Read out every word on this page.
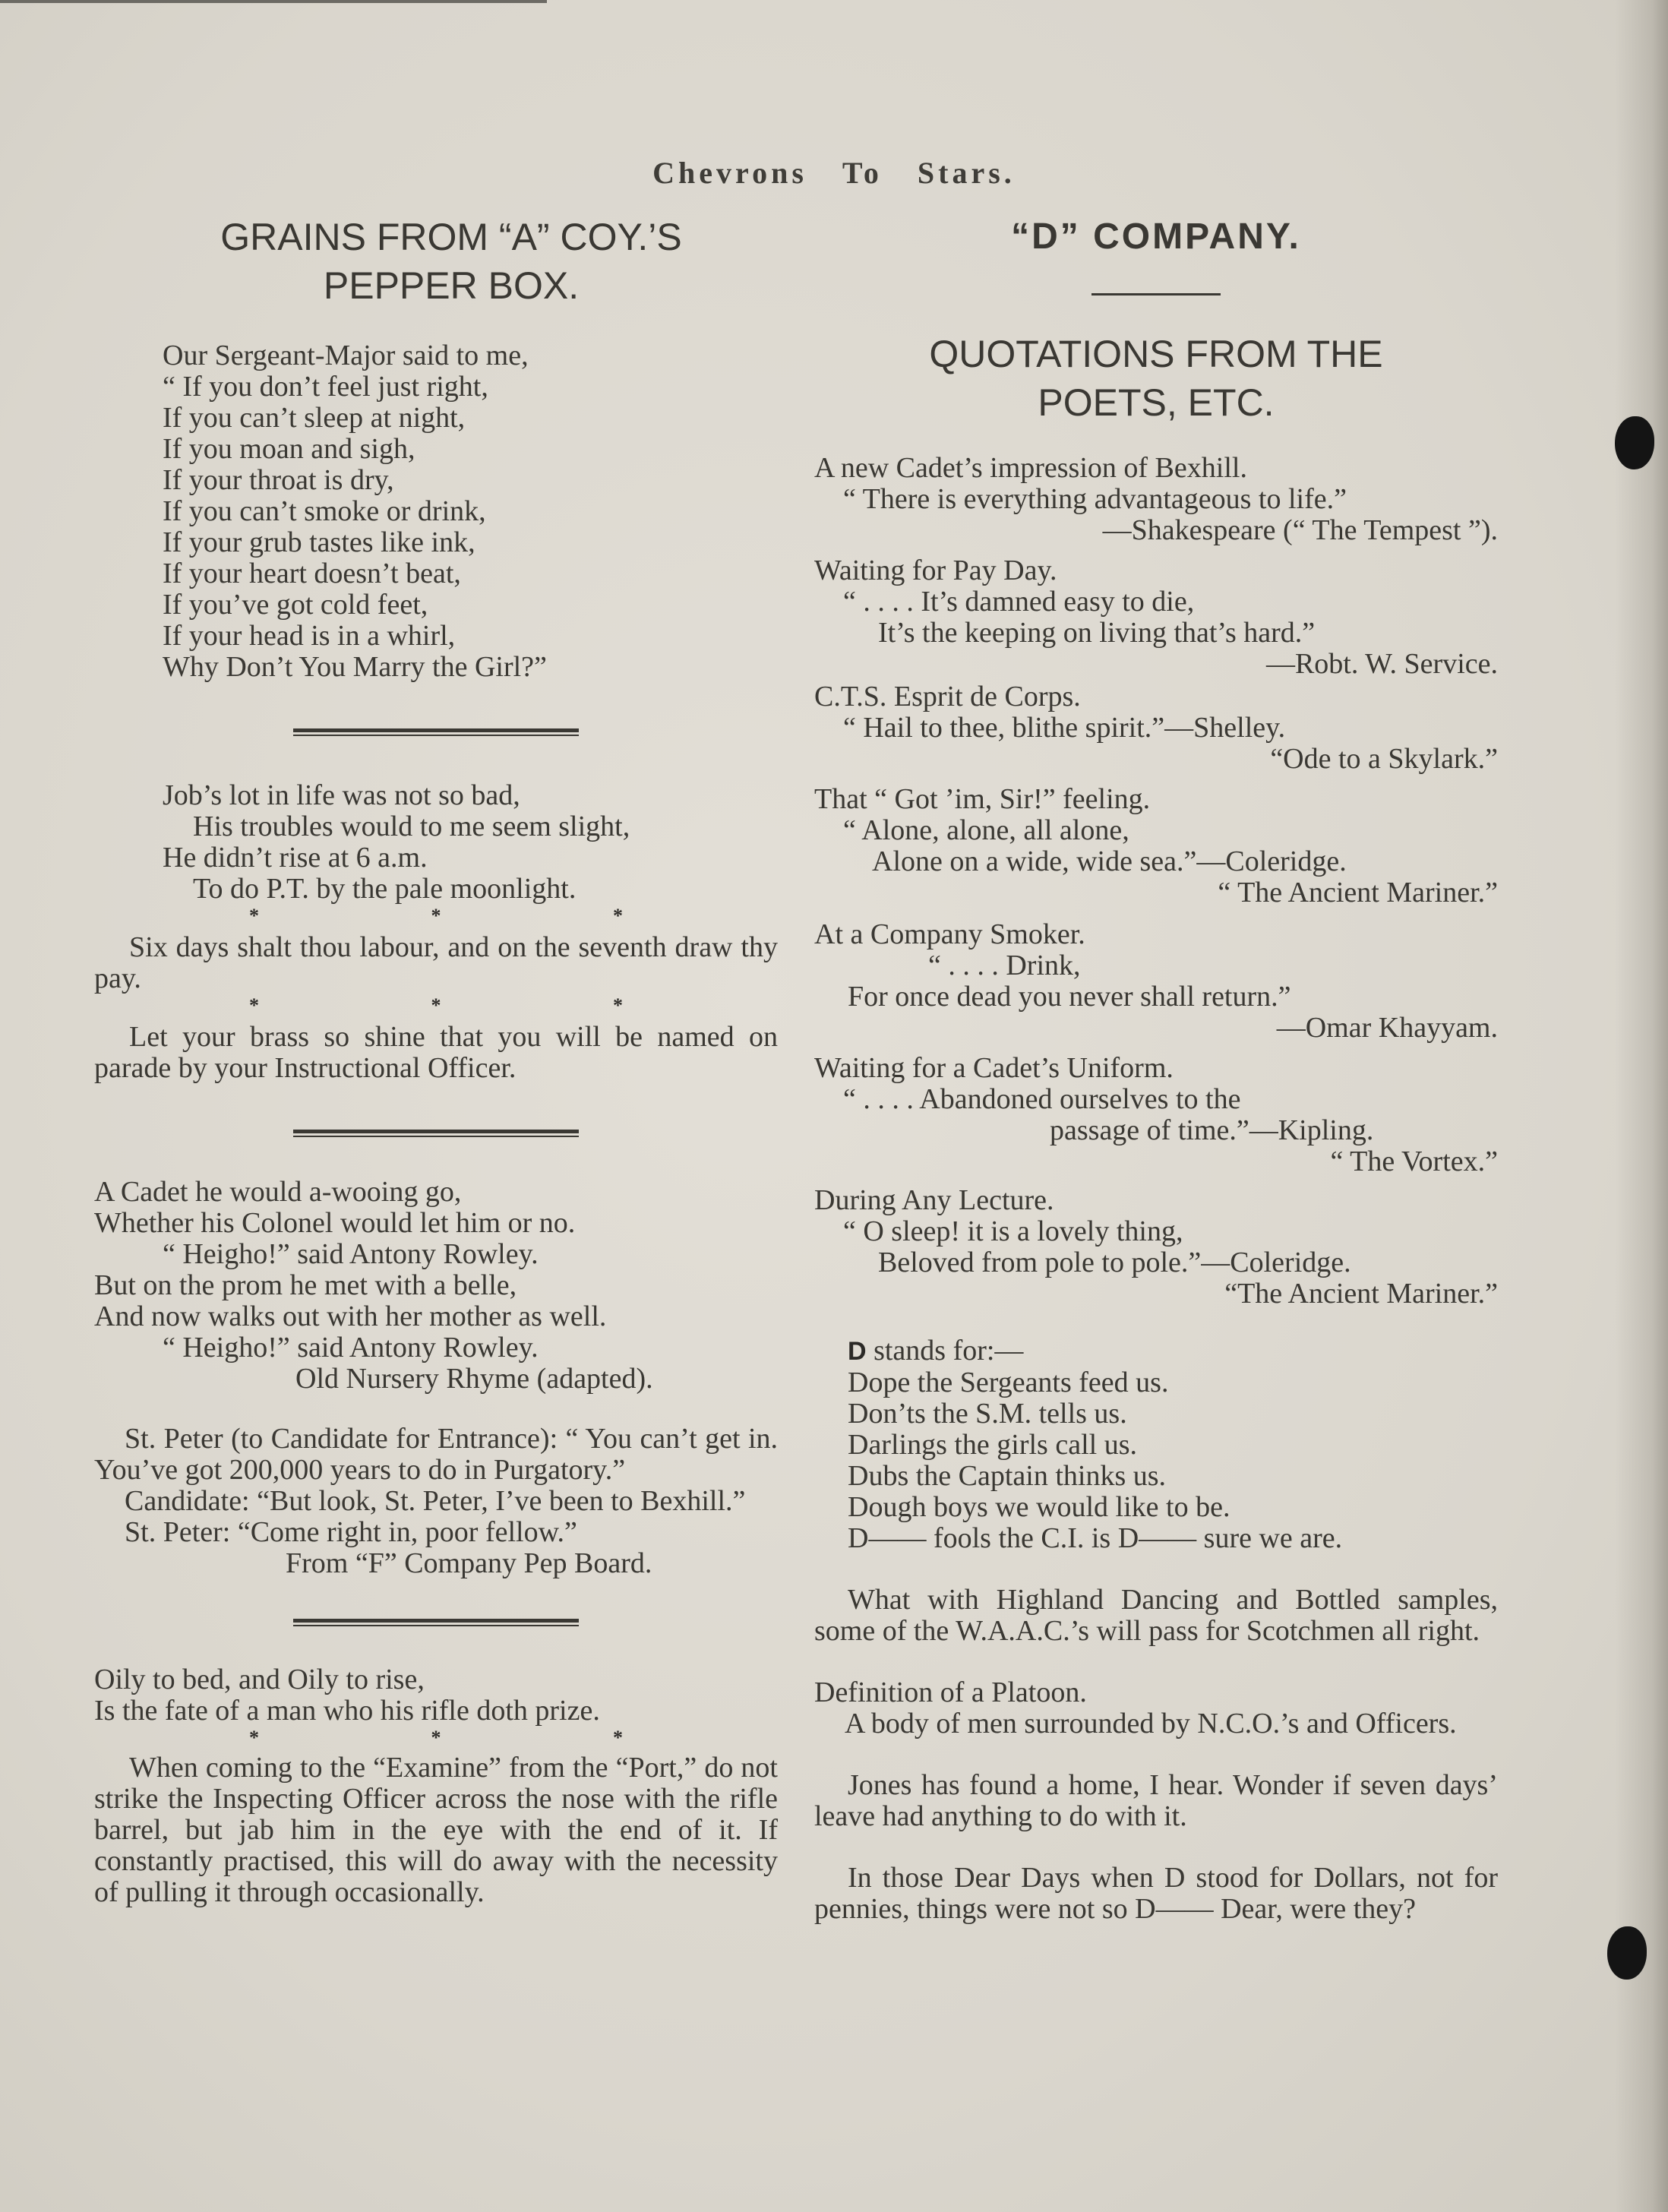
Chevrons To Stars.
GRAINS FROM “A” COY.’S
PEPPER BOX.
Our Sergeant-Major said to me,
“ If you don’t feel just right,
If you can’t sleep at night,
If you moan and sigh,
If your throat is dry,
If you can’t smoke or drink,
If your grub tastes like ink,
If your heart doesn’t beat,
If you’ve got cold feet,
If your head is in a whirl,
Why Don’t You Marry the Girl?”
Job’s lot in life was not so bad,
His troubles would to me seem slight,
He didn’t rise at 6 a.m.
To do P.T. by the pale moonlight.
* * *

Six days shalt thou labour, and on the seventh draw thy pay.

* * *

Let your brass so shine that you will be named on parade by your Instructional Officer.

A Cadet he would a-wooing go,
Whether his Colonel would let him or no.
“ Heigho!” said Antony Rowley.
But on the prom he met with a belle,
And now walks out with her mother as well.
“ Heigho!” said Antony Rowley.
Old Nursery Rhyme (adapted).

St. Peter (to Candidate for Entrance): “ You can’t get in. You’ve got 200,000 years to do in Purgatory.”

Candidate: “But look, St. Peter, I’ve been to Bexhill.”

St. Peter: “Come right in, poor fellow.”

From “F” Company Pep Board.

Oily to bed, and Oily to rise,
Is the fate of a man who his rifle doth prize.
* * *

When coming to the “Examine” from the “Port,” do not strike the Inspecting Officer across the nose with the rifle barrel, but jab him in the eye with the end of it. If constantly practised, this will do away with the necessity of pulling it through occasionally.

“D” COMPANY.
QUOTATIONS FROM THE
POETS, ETC.
A new Cadet’s impression of Bexhill.
“ There is everything advantageous to life.”
—Shakespeare (“ The Tempest ”).
Waiting for Pay Day.
“ . . . . It’s damned easy to die,
It’s the keeping on living that’s hard.”
—Robt. W. Service.
C.T.S. Esprit de Corps.
“ Hail to thee, blithe spirit.”—Shelley.
“Ode to a Skylark.”
That “ Got ’im, Sir!” feeling.
“ Alone, alone, all alone,
Alone on a wide, wide sea.”—Coleridge.
“ The Ancient Mariner.”
At a Company Smoker.
“ . . . . Drink,
For once dead you never shall return.”
—Omar Khayyam.
Waiting for a Cadet’s Uniform.
“ . . . . Abandoned ourselves to the
passage of time.”—Kipling.
“ The Vortex.”
During Any Lecture.
“ O sleep! it is a lovely thing,
Beloved from pole to pole.”—Coleridge.
“The Ancient Mariner.”
D stands for:—
Dope the Sergeants feed us.
Don’ts the S.M. tells us.
Darlings the girls call us.
Dubs the Captain thinks us.
Dough boys we would like to be.
D—— fools the C.I. is D—— sure we are.

What with Highland Dancing and Bottled samples, some of the W.A.A.C.’s will pass for Scotchmen all right.

Definition of a Platoon.

A body of men surrounded by N.C.O.’s and Officers.

Jones has found a home, I hear. Wonder if seven days’ leave had anything to do with it.

In those Dear Days when D stood for Dollars, not for pennies, things were not so D—— Dear, were they?
